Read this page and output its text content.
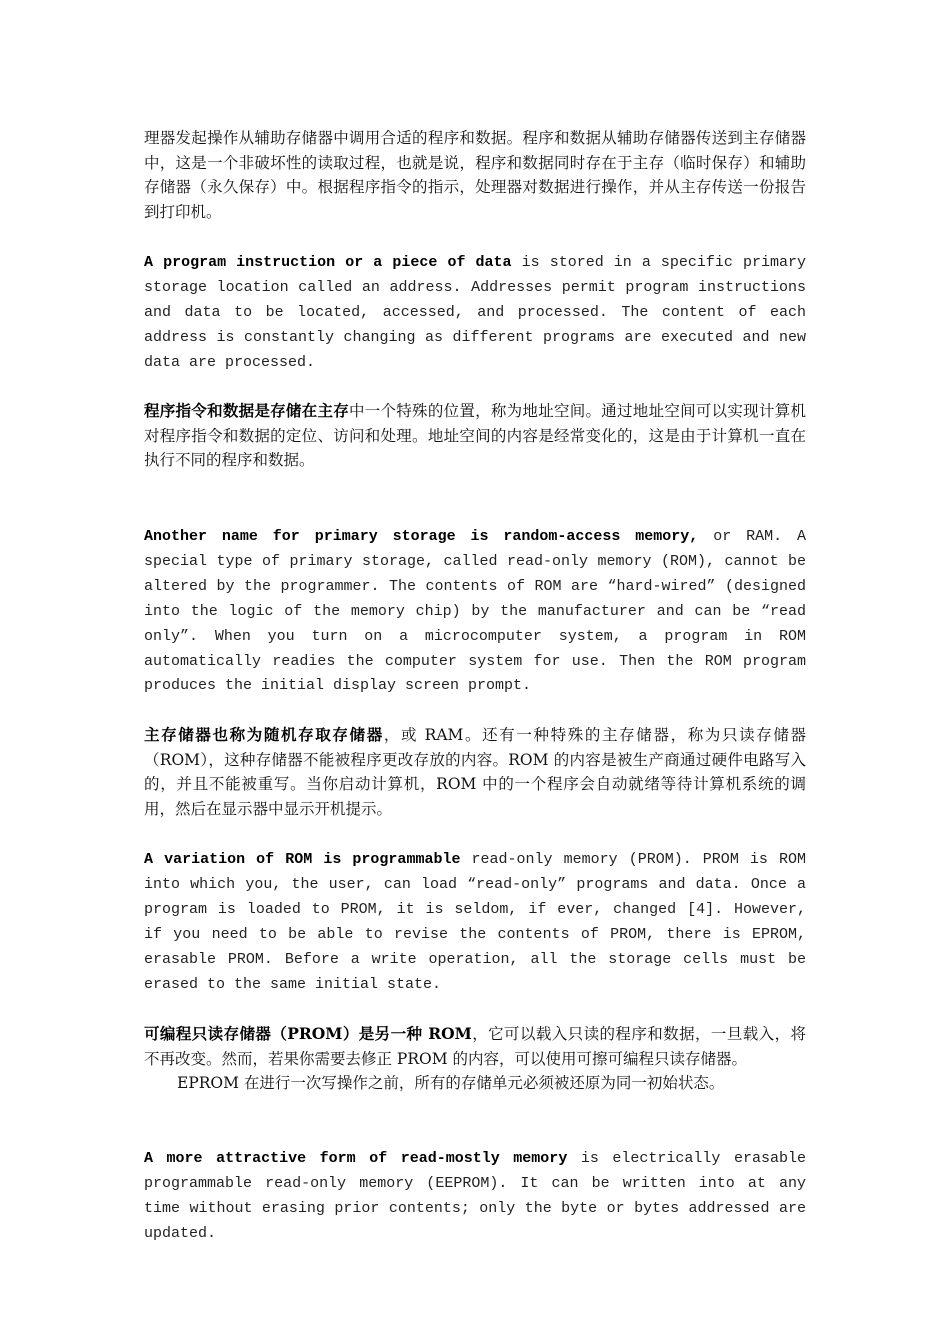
理器发起操作从辅助存储器中调用合适的程序和数据。程序和数据从辅助存储器传送到主存储器中，这是一个非破坏性的读取过程，也就是说，程序和数据同时存在于主存（临时保存）和辅助存储器（永久保存）中。根据程序指令的指示，处理器对数据进行操作，并从主存传送一份报告到打印机。

A program instruction or a piece of data is stored in a specific primary storage location called an address. Addresses permit program instructions and data to be located, accessed, and processed. The content of each address is constantly changing as different programs are executed and new data are processed.

程序指令和数据是存储在主存中一个特殊的位置，称为地址空间。通过地址空间可以实现计算机对程序指令和数据的定位、访问和处理。地址空间的内容是经常变化的，这是由于计算机一直在执行不同的程序和数据。

Another name for primary storage is random-access memory, or RAM. A special type of primary storage, called read-only memory (ROM), cannot be altered by the programmer. The contents of ROM are “hard-wired” (designed into the logic of the memory chip) by the manufacturer and can be “read only”. When you turn on a microcomputer system, a program in ROM automatically readies the computer system for use. Then the ROM program produces the initial display screen prompt.

主存储器也称为随机存取存储器，或 RAM。还有一种特殊的主存储器，称为只读存储器（ROM），这种存储器不能被程序更改存放的内容。ROM 的内容是被生产商通过硬件电路写入的，并且不能被重写。当你启动计算机，ROM 中的一个程序会自动就绪等待计算机系统的调用，然后在显示器中显示开机提示。

A variation of ROM is programmable read-only memory (PROM). PROM is ROM into which you, the user, can load “read-only” programs and data. Once a program is loaded to PROM, it is seldom, if ever, changed [4]. However, if you need to be able to revise the contents of PROM, there is EPROM, erasable PROM. Before a write operation, all the storage cells must be erased to the same initial state.

可编程只读存储器（PROM）是另一种 ROM，它可以载入只读的程序和数据，一旦载入，将不再改变。然而，若果你需要去修正 PROM 的内容，可以使用可擦可编程只读存储器。
EPROM 在进行一次写操作之前，所有的存储单元必须被还原为同一初始状态。

A more attractive form of read-mostly memory is electrically erasable programmable read-only memory (EEPROM). It can be written into at any time without erasing prior contents; only the byte or bytes addressed are updated.
